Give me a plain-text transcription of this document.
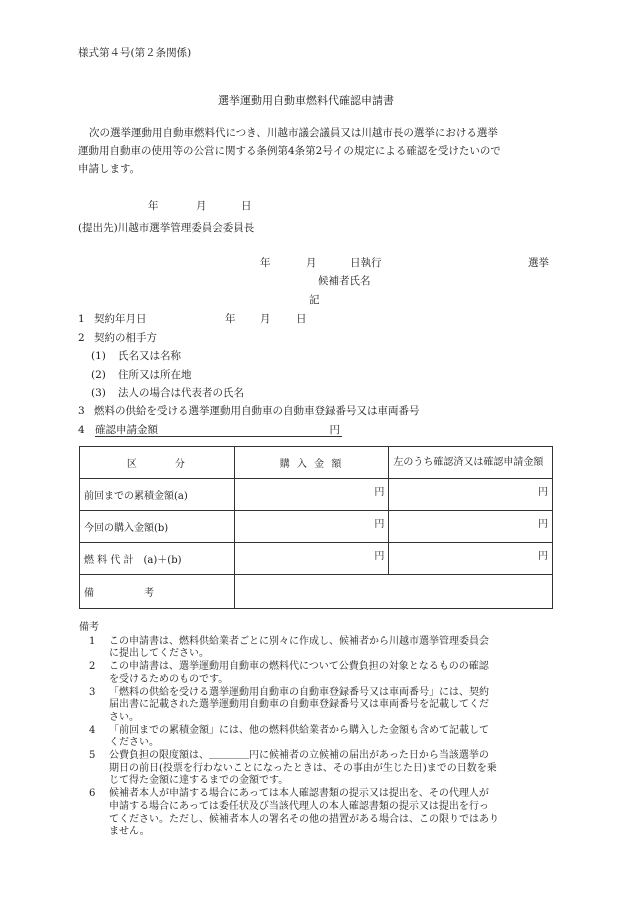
様式第４号(第２条関係)
選挙運動用自動車燃料代確認申請書
次の選挙運動用自動車燃料代につき、川越市議会議員又は川越市長の選挙における選挙
運動用自動車の使用等の公営に関する条例第4条第2号イの規定による確認を受けたいので
申請します。
年	月	日
(提出先)川越市選挙管理委員会委員長
年	月	日執行	選挙
候補者氏名
記
1 契約年月日	年 月 日
2 契約の相手方
(1) 氏名又は名称
(2) 住所又は所在地
(3) 法人の場合は代表者の氏名
3 燃料の供給を受ける選挙運動用自動車の自動車登録番号又は車両番号
4 確認申請金額	円
区　　　分	購 入 金 額	左のうち確認済又は確認申請金額
前回までの累積金額(a)	円	円
今回の購入金額(b)	円	円
燃 料 代 計　(a)＋(b)	円	円
備　　　　　考		
備考
1	この申請書は、燃料供給業者ごとに別々に作成し、候補者から川越市選挙管理委員会
に提出してください。
2	この申請書は、選挙運動用自動車の燃料代について公費負担の対象となるものの確認
を受けるためのものです。
3	「燃料の供給を受ける選挙運動用自動車の自動車登録番号又は車両番号」には、契約
届出書に記載された選挙運動用自動車の自動車登録番号又は車両番号を記載してくだ
さい。
4	「前回までの累積金額」には、他の燃料供給業者から購入した金額も含めて記載して
ください。
5	公費負担の限度額は、＿＿＿＿円に候補者の立候補の届出があった日から当該選挙の
期日の前日(投票を行わないことになったときは、その事由が生じた日)までの日数を乗
じて得た金額に達するまでの金額です。
6	候補者本人が申請する場合にあっては本人確認書類の提示又は提出を、その代理人が
申請する場合にあっては委任状及び当該代理人の本人確認書類の提示又は提出を行っ
てください。ただし、候補者本人の署名その他の措置がある場合は、この限りではあり
ません。
